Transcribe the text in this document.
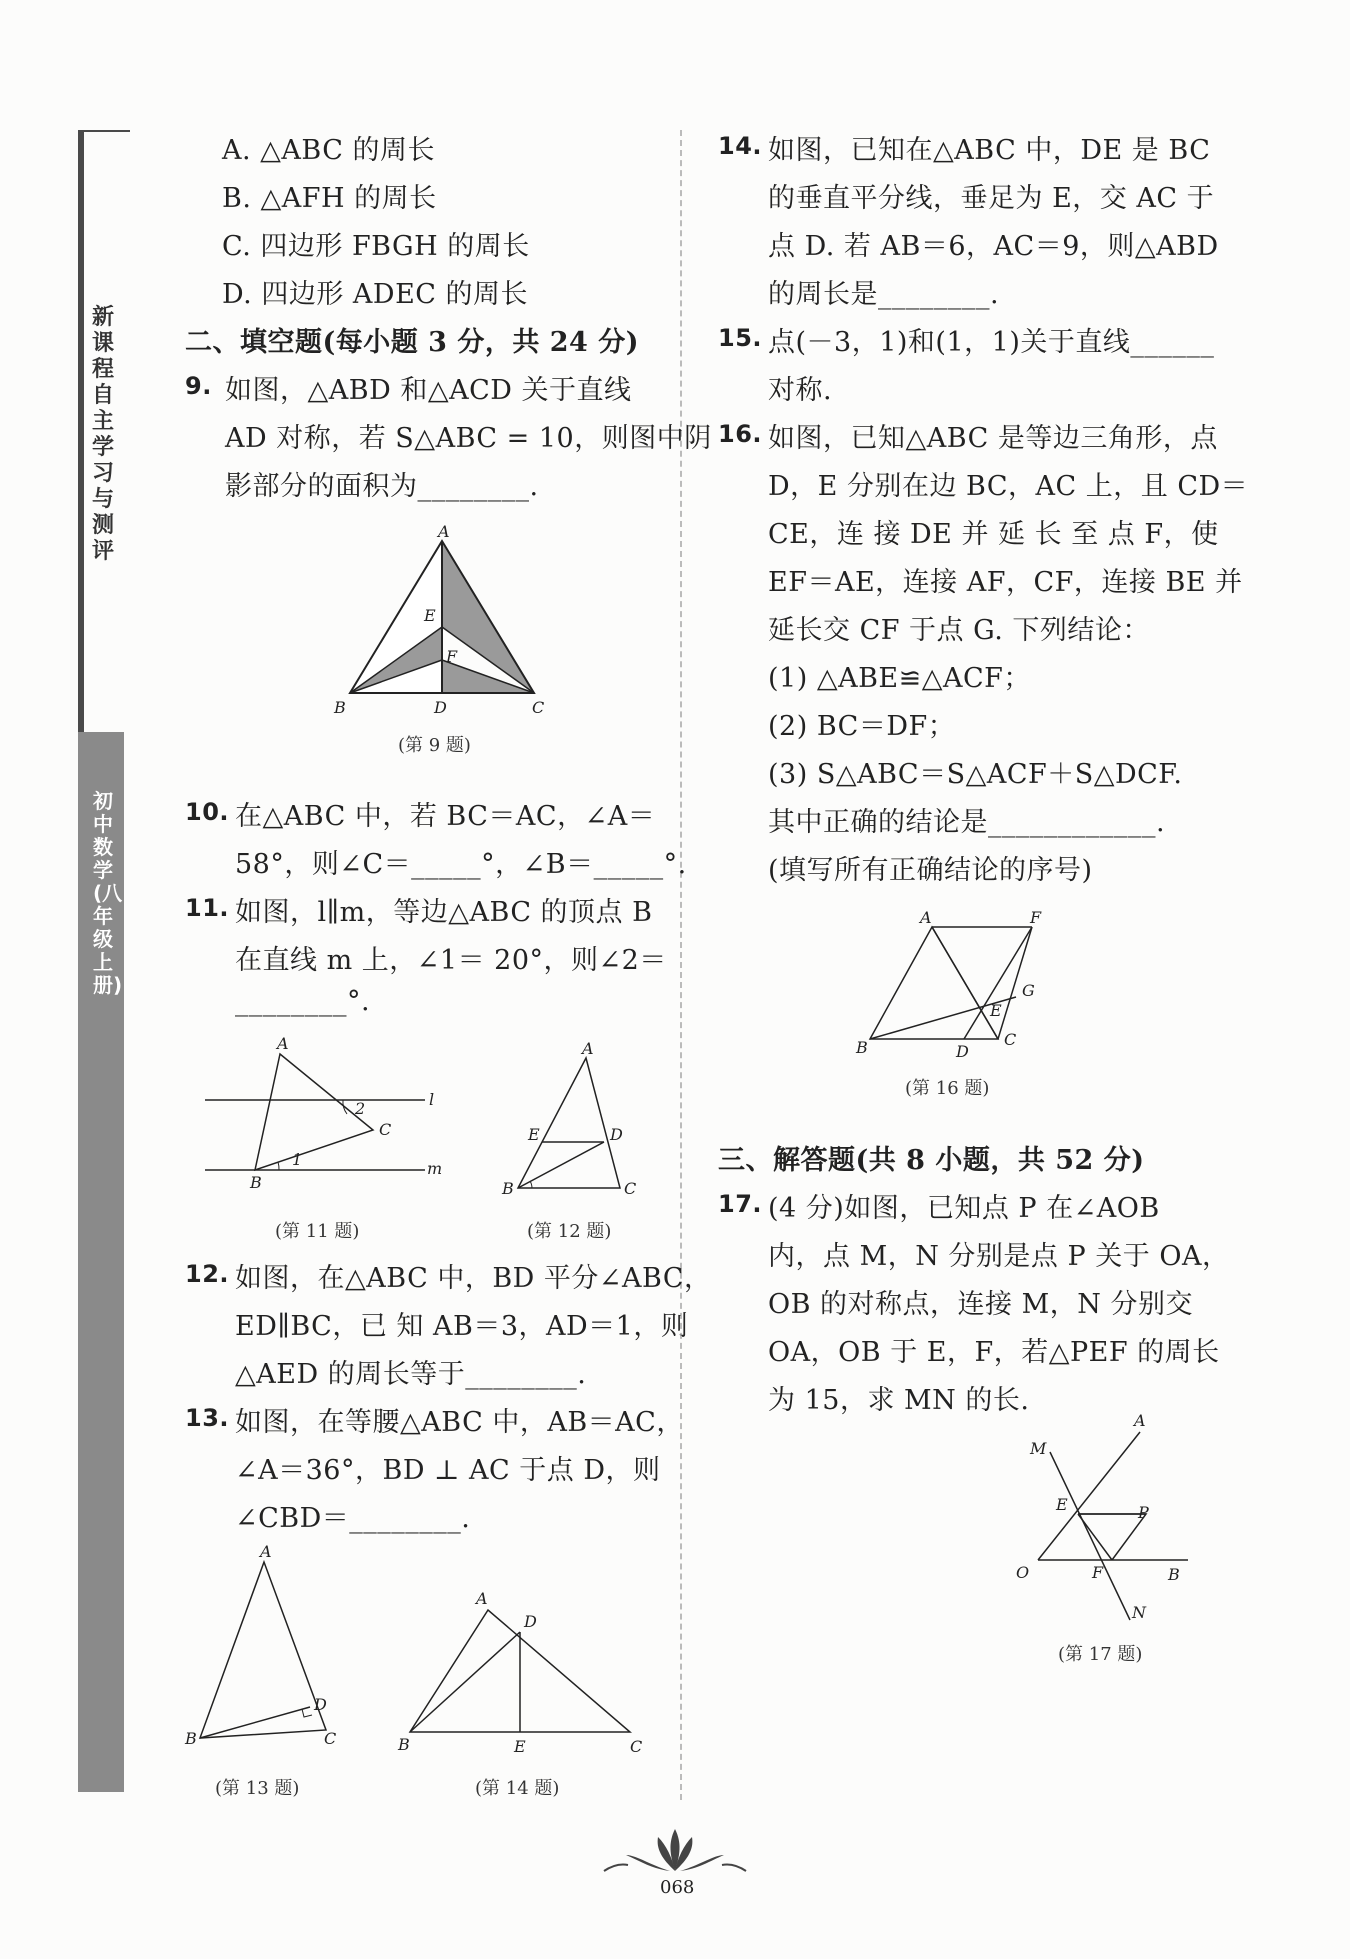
新课程自主学习与测评
初中数学(八年级上册)
A. △ABC 的周长
B. △AFH 的周长
C. 四边形 FBGH 的周长
D. 四边形 ADEC 的周长
二、填空题(每小题 3 分，共 24 分)
9. 如图，△ABD 和△ACD 关于直线
AD 对称，若 S△ABC = 10，则图中阴
影部分的面积为________.
A
E
F
B	D	C
(第 9 题)
10. 在△ABC 中，若 BC＝AC，∠A＝
58°，则∠C＝_____°，∠B＝_____°.
11. 如图，l∥m，等边△ABC 的顶点 B
在直线 m 上，∠1＝ 20°，则∠2＝
________°.
A
2	l
C
1
B
m
(第 11 题)
A
E	D
B	C
(第 12 题)
12. 如图，在△ABC 中，BD 平分∠ABC，
ED∥BC，已 知 AB＝3，AD＝1，则
△AED 的周长等于________.
13. 如图，在等腰△ABC 中，AB＝AC，
∠A＝36°，BD ⊥ AC 于点 D，则
∠CBD＝________.
A
D
B	C
(第 13 题)
A
D
B	E	C
(第 14 题)
14. 如图，已知在△ABC 中，DE 是 BC
的垂直平分线，垂足为 E，交 AC 于
点 D. 若 AB＝6，AC＝9，则△ABD
的周长是________.
15. 点(－3，1)和(1，1)关于直线______
对称.
16. 如图，已知△ABC 是等边三角形，点
D，E 分别在边 BC，AC 上，且 CD＝
CE，连 接 DE 并 延 长 至 点 F，使
EF＝AE，连接 AF，CF，连接 BE 并
延长交 CF 于点 G. 下列结论：
(1) △ABE≌△ACF；
(2) BC＝DF；
(3) S△ABC＝S△ACF＋S△DCF.
其中正确的结论是____________.
(填写所有正确结论的序号)
A	F
G
E
B	D
C
(第 16 题)
三、解答题(共 8 小题，共 52 分)
17. (4 分)如图，已知点 P 在∠AOB
内，点 M，N 分别是点 P 关于 OA，
OB 的对称点，连接 M，N 分别交
OA，OB 于 E，F，若△PEF 的周长
为 15，求 MN 的长.
A
M
E	P
O	F	B
N
(第 17 题)
068
